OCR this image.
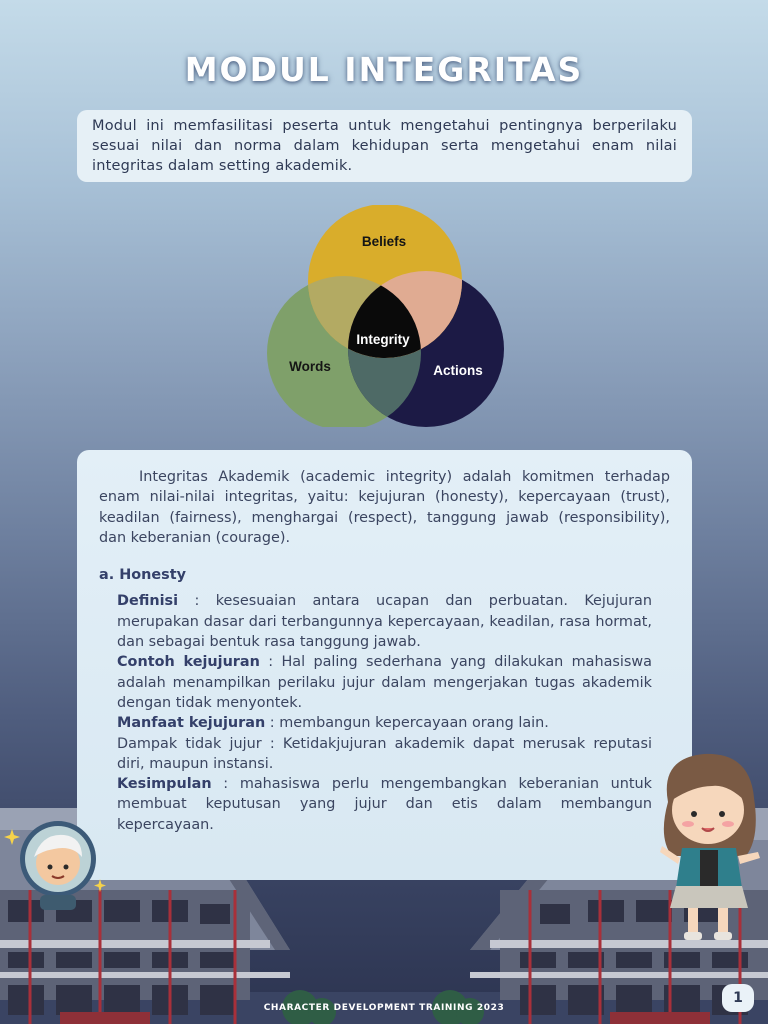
MODUL INTEGRITAS

Modul ini memfasilitasi peserta untuk mengetahui pentingnya berperilaku sesuai nilai dan norma dalam kehidupan serta mengetahui enam nilai integritas dalam setting akademik.

Beliefs
Words	Actions
Integrity

Integritas Akademik (academic integrity) adalah komitmen terhadap enam nilai-nilai integritas, yaitu: kejujuran (honesty), kepercayaan (trust), keadilan (fairness), menghargai (respect), tanggung jawab (responsibility), dan keberanian (courage).

a. Honesty

Definisi : kesesuaian antara ucapan dan perbuatan. Kejujuran merupakan dasar dari terbangunnya kepercayaan, keadilan, rasa hormat, dan sebagai bentuk rasa tanggung jawab.

Contoh kejujuran : Hal paling sederhana yang dilakukan mahasiswa adalah menampilkan perilaku jujur dalam mengerjakan tugas akademik dengan tidak menyontek.

Manfaat kejujuran : membangun kepercayaan orang lain.

Dampak tidak jujur : Ketidakjujuran akademik dapat merusak reputasi diri, maupun instansi.

Kesimpulan : mahasiswa perlu mengembangkan keberanian untuk membuat keputusan yang jujur dan etis dalam membangun kepercayaan.

CHARACTER DEVELOPMENT TRAINING 2023
1
